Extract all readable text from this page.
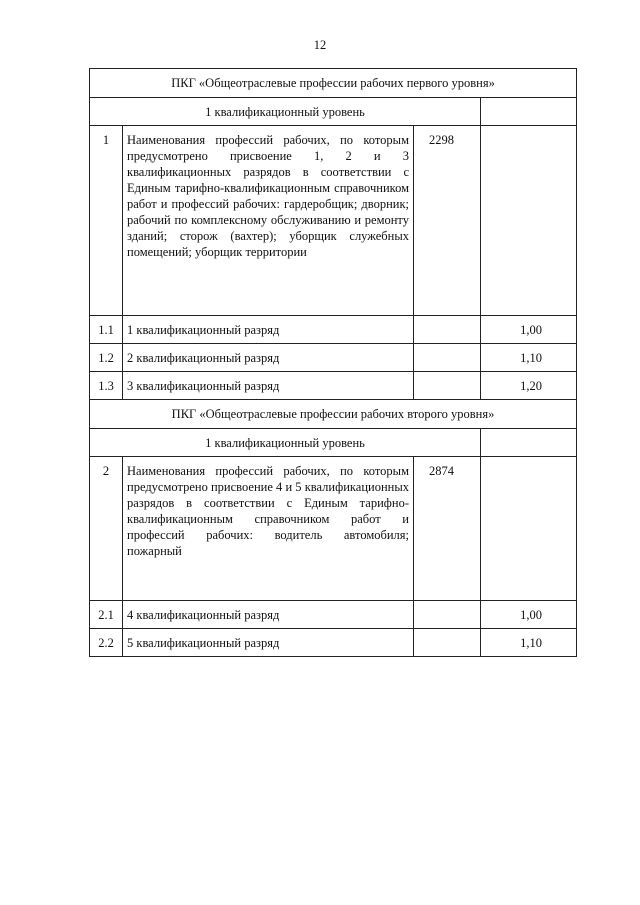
12
ПКГ «Общеотраслевые профессии рабочих первого уровня»			
1 квалификационный уровень			
1	Наименования профессий рабочих, по которым предусмотрено присвоение 1, 2 и 3 квалификационных разрядов в соответствии с Единым тарифно-квалификационным справочником работ и профессий рабочих: гардеробщик; дворник; рабочий по комплексному обслуживанию и ремонту зданий; сторож (вахтер); уборщик служебных помещений; уборщик территории	2298	
1.1	1 квалификационный разряд		1,00
1.2	2 квалификационный разряд		1,10
1.3	3 квалификационный разряд		1,20
ПКГ «Общеотраслевые профессии рабочих второго уровня»			
1 квалификационный уровень			
2	Наименования профессий рабочих, по которым предусмотрено присвоение 4 и 5 квалификационных разрядов в соответствии с Единым тарифно-квалификационным справочником работ и профессий рабочих: водитель автомобиля; пожарный	2874	
2.1	4 квалификационный разряд		1,00
2.2	5 квалификационный разряд		1,10
